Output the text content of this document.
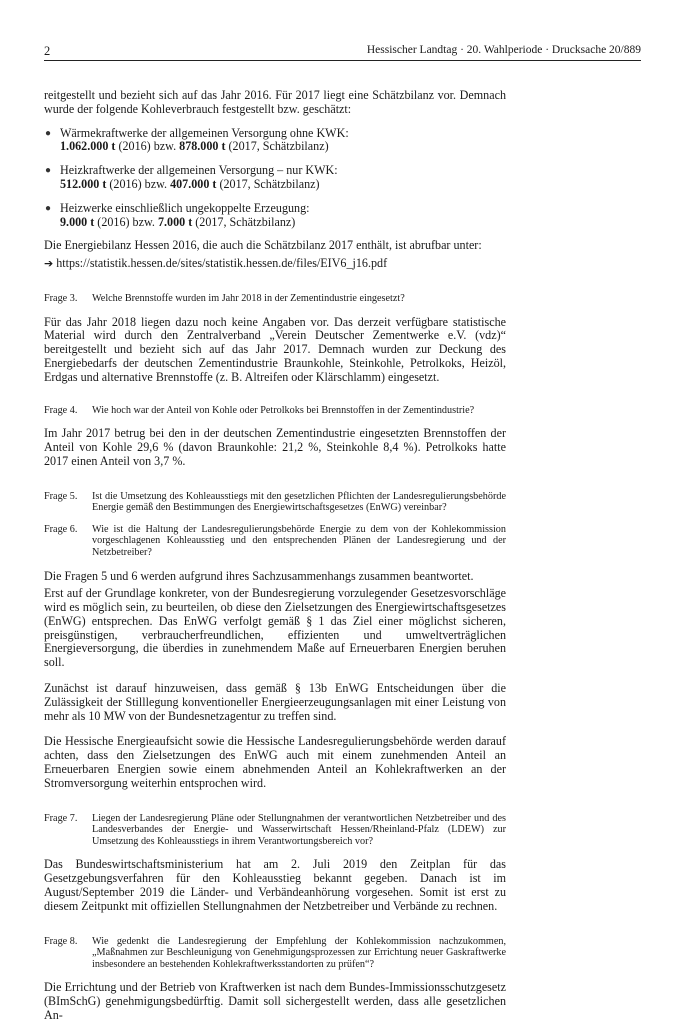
2	Hessischer Landtag · 20. Wahlperiode · Drucksache 20/889

reitgestellt und bezieht sich auf das Jahr 2016. Für 2017 liegt eine Schätzbilanz vor. Demnach wurde der folgende Kohleverbrauch festgestellt bzw. geschätzt:

● Wärmekraftwerke der allgemeinen Versorgung ohne KWK:
1.062.000 t (2016) bzw. 878.000 t (2017, Schätzbilanz)
● Heizkraftwerke der allgemeinen Versorgung – nur KWK:
512.000 t (2016) bzw. 407.000 t (2017, Schätzbilanz)
● Heizwerke einschließlich ungekoppelte Erzeugung:
9.000 t (2016) bzw. 7.000 t (2017, Schätzbilanz)

Die Energiebilanz Hessen 2016, die auch die Schätzbilanz 2017 enthält, ist abrufbar unter:

➔ https://statistik.hessen.de/sites/statistik.hessen.de/files/EIV6_j16.pdf
Frage 3.	Welche Brennstoffe wurden im Jahr 2018 in der Zementindustrie eingesetzt?

Für das Jahr 2018 liegen dazu noch keine Angaben vor. Das derzeit verfügbare statistische Material wird durch den Zentralverband „Verein Deutscher Zementwerke e.V. (vdz)“ bereitgestellt und bezieht sich auf das Jahr 2017. Demnach wurden zur Deckung des Energiebedarfs der deutschen Zementindustrie Braunkohle, Steinkohle, Petrolkoks, Heizöl, Erdgas und alternative Brennstoffe (z. B. Altreifen oder Klärschlamm) eingesetzt.

Frage 4.	Wie hoch war der Anteil von Kohle oder Petrolkoks bei Brennstoffen in der Zementindustrie?

Im Jahr 2017 betrug bei den in der deutschen Zementindustrie eingesetzten Brennstoffen der Anteil von Kohle 29,6 % (davon Braunkohle: 21,2 %, Steinkohle 8,4 %). Petrolkoks hatte 2017 einen Anteil von 3,7 %.

Frage 5.	Ist die Umsetzung des Kohleausstiegs mit den gesetzlichen Pflichten der Landesregulierungsbehörde Energie gemäß den Bestimmungen des Energiewirtschaftsgesetzes (EnWG) vereinbar?
Frage 6.	Wie ist die Haltung der Landesregulierungsbehörde Energie zu dem von der Kohlekommission vorgeschlagenen Kohleausstieg und den entsprechenden Plänen der Landesregierung und der Netzbetreiber?

Die Fragen 5 und 6 werden aufgrund ihres Sachzusammenhangs zusammen beantwortet.

Erst auf der Grundlage konkreter, von der Bundesregierung vorzulegender Gesetzesvorschläge wird es möglich sein, zu beurteilen, ob diese den Zielsetzungen des Energiewirtschaftsgesetzes (EnWG) entsprechen. Das EnWG verfolgt gemäß § 1 das Ziel einer möglichst sicheren, preisgünstigen, verbraucherfreundlichen, effizienten und umweltverträglichen Energieversorgung, die überdies in zunehmendem Maße auf Erneuerbaren Energien beruhen soll.

Zunächst ist darauf hinzuweisen, dass gemäß § 13b EnWG Entscheidungen über die Zulässigkeit der Stilllegung konventioneller Energieerzeugungsanlagen mit einer Leistung von mehr als 10 MW von der Bundesnetzagentur zu treffen sind.

Die Hessische Energieaufsicht sowie die Hessische Landesregulierungsbehörde werden darauf achten, dass den Zielsetzungen des EnWG auch mit einem zunehmenden Anteil an Erneuerbaren Energien sowie einem abnehmenden Anteil an Kohlekraftwerken an der Stromversorgung weiterhin entsprochen wird.

Frage 7.	Liegen der Landesregierung Pläne oder Stellungnahmen der verantwortlichen Netzbetreiber und des Landesverbandes der Energie- und Wasserwirtschaft Hessen/Rheinland-Pfalz (LDEW) zur Umsetzung des Kohleausstiegs in ihrem Verantwortungsbereich vor?

Das Bundeswirtschaftsministerium hat am 2. Juli 2019 den Zeitplan für das Gesetzgebungsverfahren für den Kohleausstieg bekannt gegeben. Danach ist im August/September 2019 die Länder- und Verbändeanhörung vorgesehen. Somit ist erst zu diesem Zeitpunkt mit offiziellen Stellungnahmen der Netzbetreiber und Verbände zu rechnen.

Frage 8.	Wie gedenkt die Landesregierung der Empfehlung der Kohlekommission nachzukommen, „Maßnahmen zur Beschleunigung von Genehmigungsprozessen zur Errichtung neuer Gaskraftwerke insbesondere an bestehenden Kohlekraftwerksstandorten zu prüfen“?

Die Errichtung und der Betrieb von Kraftwerken ist nach dem Bundes-Immissionsschutzgesetz (BImSchG) genehmigungsbedürftig. Damit soll sichergestellt werden, dass alle gesetzlichen An-
